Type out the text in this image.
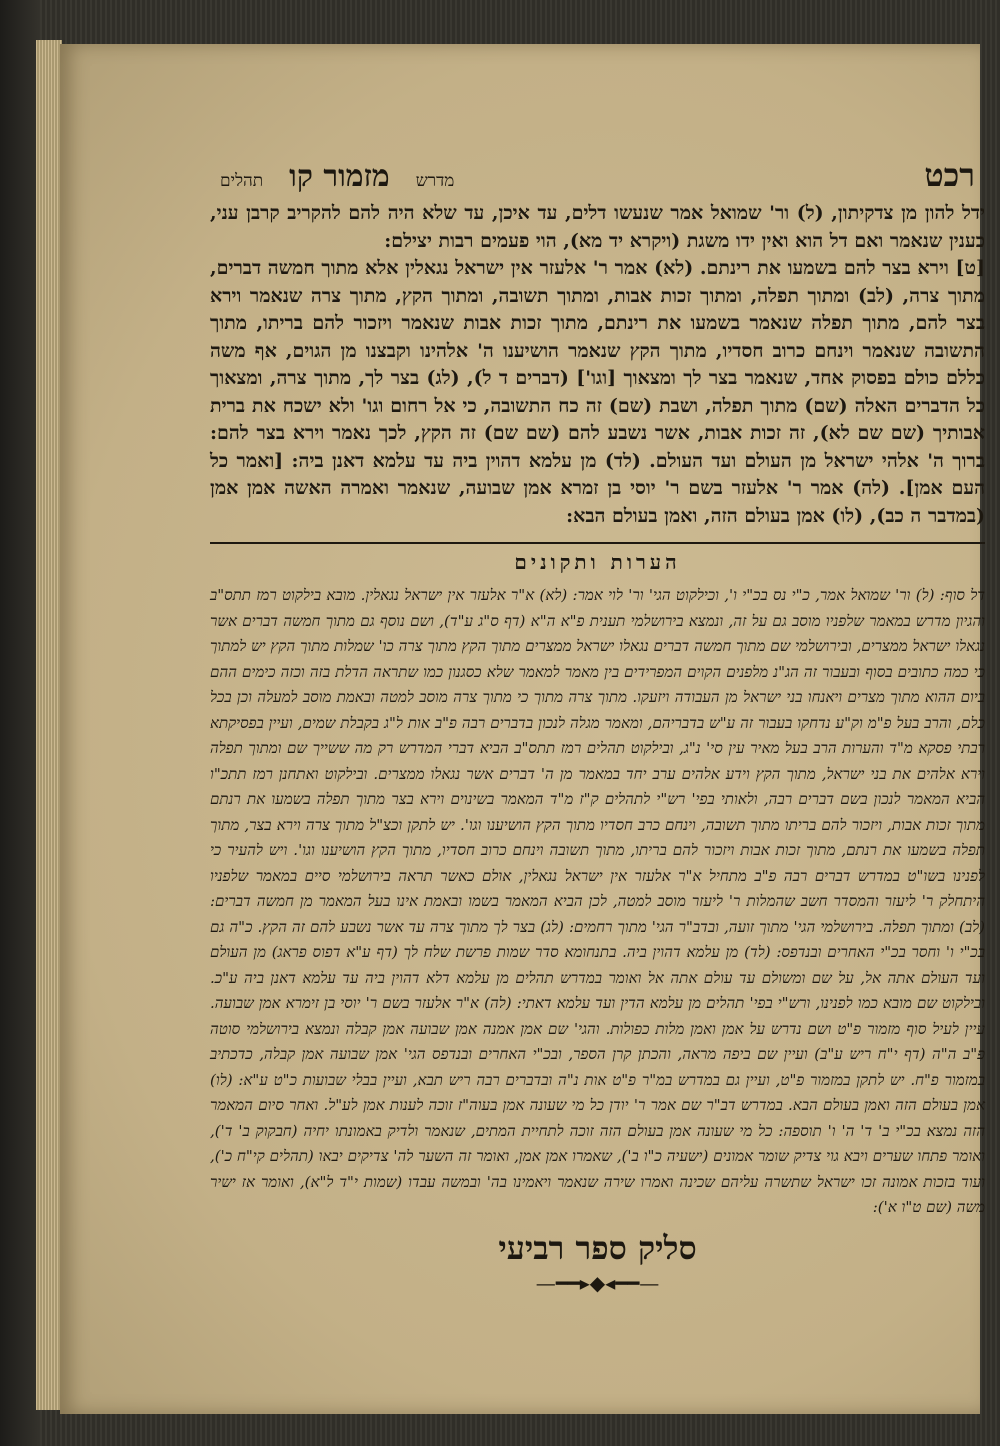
רכט
מדרש
מזמור קו
תהלים

ידל להון מן צדקיתון, (ל) ור' שמואל אמר שנעשו דלים, עד איכן, עד שלא היה להם להקריב קרבן עני, כענין שנאמר ואם דל הוא ואין ידו משגת (ויקרא יד מא), הוי פעמים רבות יצילם:

[ט] וירא בצר להם בשמעו את רינתם. (לא) אמר ר' אלעזר אין ישראל נגאלין אלא מתוך חמשה דברים, מתוך צרה, (לב) ומתוך תפלה, ומתוך זכות אבות, ומתוך תשובה, ומתוך הקץ, מתוך צרה שנאמר וירא בצר להם, מתוך תפלה שנאמר בשמעו את רינתם, מתוך זכות אבות שנאמר ויזכור להם בריתו, מתוך התשובה שנאמר וינחם כרוב חסדיו, מתוך הקץ שנאמר הושיענו ה' אלהינו וקבצנו מן הגוים, אף משה כללם כולם בפסוק אחד, שנאמר בצר לך ומצאוך [וגו'] (דברים ד ל), (לג) בצר לך, מתוך צרה, ומצאוך כל הדברים האלה (שם) מתוך תפלה, ושבת (שם) זה כח התשובה, כי אל רחום וגו' ולא ישכח את ברית אבותיך (שם שם לא), זה זכות אבות, אשר נשבע להם (שם שם) זה הקץ, לכך נאמר וירא בצר להם: ברוך ה' אלהי ישראל מן העולם ועד העולם. (לד) מן עלמא דהוין ביה עד עלמא דאנן ביה: [ואמר כל העם אמן]. (לה) אמר ר' אלעזר בשם ר' יוסי בן זמרא אמן שבועה, שנאמר ואמרה האשה אמן אמן (במדבר ה כב), (לו) אמן בעולם הזה, ואמן בעולם הבא:

הערות ותקונים

דל סוף: (ל) ור' שמואל אמר, כ"י נס בכ"י ו', וכילקוט הגי' ור' לוי אמר: (לא) א"ר אלעזר אין ישראל נגאלין. מובא בילקוט רמז תתס"ב והגיון מדרש במאמר שלפניו מוסב גם על זה, ונמצא בירושלמי תענית פ"א ה"א (דף ס"ג ע"ד), ושם נוסף גם מתוך חמשה דברים אשר נגאלו ישראל ממצרים, ובירושלמי שם מתוך חמשה דברים נגאלו ישראל ממצרים מתוך הקץ מתוך צרה כו' שמלות מתוך הקץ יש למתוך כי כמה כתובים בסוף ובעבור זה הג"נ מלפנים הקוים המפרידים בין מאמר למאמר שלא כסגנון כמו שתראה הדלת בזה וכזה כימים ההם ביום ההוא מתוך מצרים ויאנחו בני ישראל מן העבודה ויזעקו. מתוך צרה מתוך כי מתוך צרה מוסב למטה ובאמת מוסב למעלה וכן בכל כלם, והרב בעל פ"מ וק"ע נדחקו בעבור זה ע"ש בדבריהם, ומאמר מגלה לנכון בדברים רבה פ"ב אות ל"ג בקבלת שמים, ועיין בפסיקתא רבתי פסקא מ"ד והערות הרב בעל מאיר עין סי' נ"ג, ובילקוט תהלים רמז תתס"ב הביא דברי המדרש רק מה ששייך שם ומתוך תפלה וירא אלהים את בני ישראל, מתוך הקץ וידע אלהים ערב יחד במאמר מן ה' דברים אשר נגאלו ממצרים. ובילקוט ואתחנן רמז תתכ"ו הביא המאמר לנכון בשם דברים רבה, ולאותי בפי' רש"י לתהלים ק"ז מ"ד המאמר בשינוים וירא בצר מתוך תפלה בשמעו את רנתם מתוך זכות אבות, ויזכור להם בריתו מתוך תשובה, וינחם כרב חסדיו מתוך הקץ הושיענו וגו'. יש לתקן וכצ"ל מתוך צרה וירא בצר, מתוך תפלה בשמעו את רנתם, מתוך זכות אבות ויזכור להם בריתו, מתוך תשובה וינחם כרוב חסדיו, מתוך הקץ הושיענו וגו'. ויש להעיר כי לפנינו בשו"ט במדרש דברים רבה פ"ב מתחיל א"ר אלעזר אין ישראל נגאלין, אולם כאשר תראה בירושלמי סיים במאמר שלפניו היתחלק ר' ליעזר והמסדר חשב שהמלות ר' ליעזר מוסב למטה, לכן הביא המאמר בשמו ובאמת אינו בעל המאמר מן חמשה דברים: (לב) ומתוך תפלה. בירושלמי הגי' מתוך זועה, ובדב"ר הגי' מתוך רחמים: (לג) בצר לך מתוך צרה עד אשר נשבע להם זה הקץ. כ"ה גם בכ"י ו' וחסר בכ"י האחרים ובנדפס: (לד) מן עלמא דהוין ביה. בתנחומא סדר שמות פרשת שלח לך (דף ע"א דפוס פראג) מן העולם ועד העולם אתה אל, על שם ומשולם עד עולם אתה אל ואומר במדרש תהלים מן עלמא דלא דהוין ביה עד עלמא דאנן ביה ע"כ. ובילקוט שם מובא כמו לפנינו, ורש"י בפי' תהלים מן עלמא הדין ועד עלמא דאתי: (לה) א"ר אלעזר בשם ר' יוסי בן זימרא אמן שבועה. עיין לעיל סוף מזמור פ"ט ושם נדרש על אמן ואמן מלות כפולות. והגי' שם אמן אמנה אמן שבועה אמן קבלה ונמצא בירושלמי סוטה פ"ב ה"ה (דף י"ח ריש ע"ב) ועיין שם ביפה מראה, והכתן קרן הספר, ובכ"י האחרים ובנדפס הגי' אמן שבועה אמן קבלה, כדכתיב במזמור פ"ח. יש לתקן במזמור פ"ט, ועיין גם במדרש במ"ר פ"ט אות נ"ה ובדברים רבה ריש תבא, ועיין בבלי שבועות כ"ט ע"א: (לו) אמן בעולם הזה ואמן בעולם הבא. במדרש דב"ר שם אמר ר' יודן כל מי שעונה אמן בעוה"ז זוכה לענות אמן לע"ל. ואחר סיום המאמר הזה נמצא בכ"י ב' ד' ה' ו' תוספה: כל מי שעונה אמן בעולם הזה זוכה לתחיית המתים, שנאמר ולדיק באמונתו יחיה (חבקוק ב' ד'), ואומר פתחו שערים ויבא גוי צדיק שומר אמונים (ישעיה כ"ו ב'), שאמרו אמן אמן, ואומר זה השער לה' צדיקים יבאו (תהלים קי"ח כ'), ועוד בזכות אמונה זכו ישראל שתשרה עליהם שכינה ואמרו שירה שנאמר ויאמינו בה' ובמשה עבדו (שמות י"ד ל"א), ואומר אז ישיר משה (שם ט"ו א'):

סליק ספר רביעי
—━━▸◆◂━━—
